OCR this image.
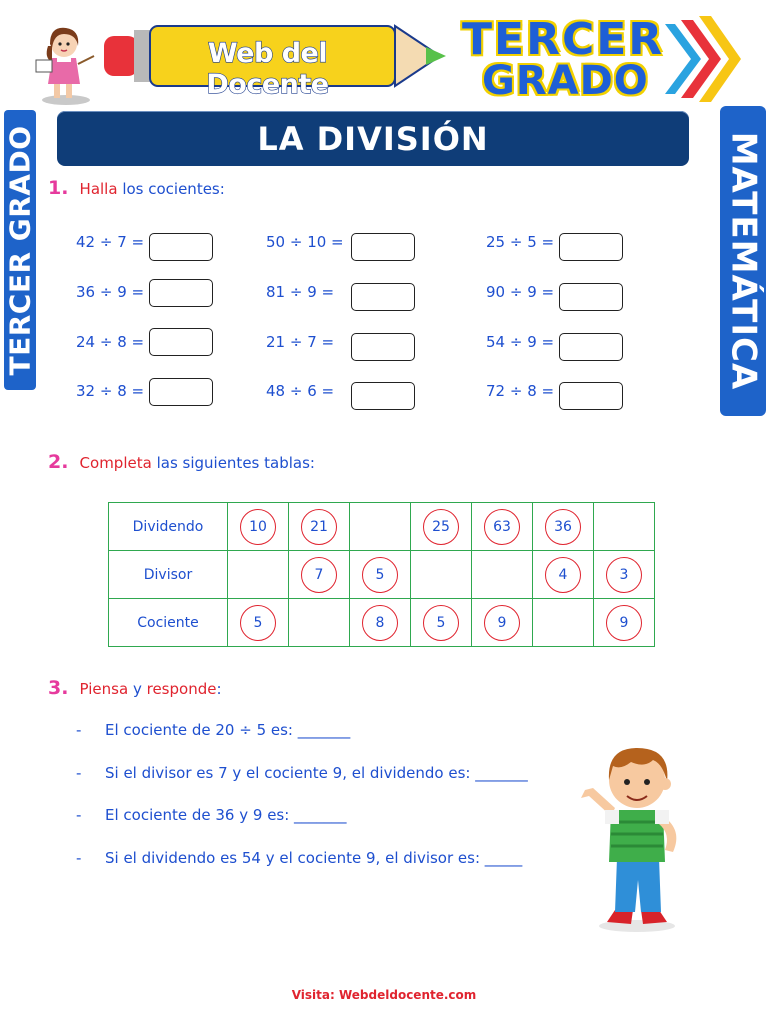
Web del Docente
TERCER
GRADO
LA DIVISIÓN
TERCER GRADO	MATEMÁTICA
1. Halla los cocientes:
42 ÷ 7 =	50 ÷ 10 =	25 ÷ 5 =
36 ÷ 9 =	81 ÷ 9 =	90 ÷ 9 =
24 ÷ 8 =	21 ÷ 7 =	54 ÷ 9 =
32 ÷ 8 =	48 ÷ 6 =	72 ÷ 8 =
2. Completa las siguientes tablas:
Dividendo	10	21		25	63	36	
Divisor		7	5			4	3
Cociente	5		8	5	9		9
3. Piensa y responde:
- El cociente de 20 ÷ 5 es: _______
- Si el divisor es 7 y el cociente 9, el dividendo es: _______
- El cociente de 36 y 9 es: _______
- Si el dividendo es 54 y el cociente 9, el divisor es: _____
Visita: Webdeldocente.com
